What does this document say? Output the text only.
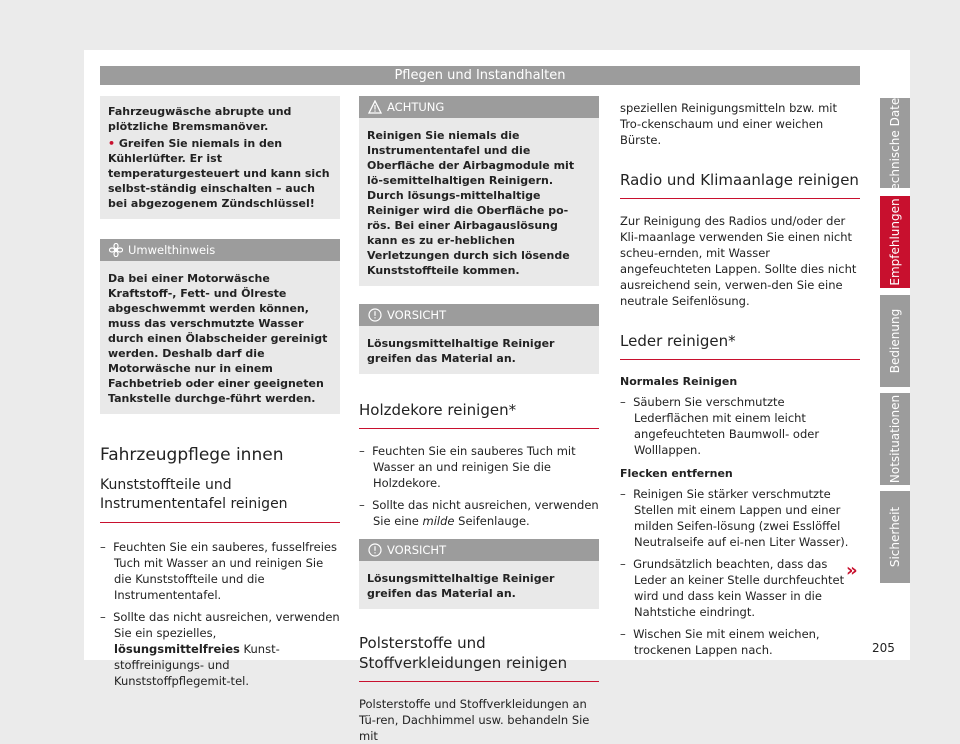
Pflegen und Instandhalten
Fahrzeugwäsche abrupte und plötzliche Bremsmanöver.
• Greifen Sie niemals in den Kühlerlüfter. Er ist temperaturgesteuert und kann sich selbst-ständig einschalten – auch bei abgezogenem Zündschlüssel!
Umwelthinweis
Da bei einer Motorwäsche Kraftstoff-, Fett- und Ölreste abgeschwemmt werden können, muss das verschmutzte Wasser durch einen Ölabscheider gereinigt werden. Deshalb darf die Motorwäsche nur in einem Fachbetrieb oder einer geeigneten Tankstelle durchge-führt werden.
Fahrzeugpflege innen
Kunststoffteile und Instrumententafel reinigen

– Feuchten Sie ein sauberes, fusselfreies Tuch mit Wasser an und reinigen Sie die Kunststoffteile und die Instrumententafel.

– Sollte das nicht ausreichen, verwenden Sie ein spezielles, lösungsmittelfreies Kunst-stoffreinigungs- und Kunststoffpflegemit-tel.

ACHTUNG
Reinigen Sie niemals die Instrumententafel und die Oberfläche der Airbagmodule mit lö-semittelhaltigen Reinigern. Durch lösungs-mittelhaltige Reiniger wird die Oberfläche po-rös. Bei einer Airbagauslösung kann es zu er-heblichen Verletzungen durch sich lösende Kunststoffteile kommen.
VORSICHT
Lösungsmittelhaltige Reiniger greifen das Material an.
Holzdekore reinigen*

– Feuchten Sie ein sauberes Tuch mit Wasser an und reinigen Sie die Holzdekore.

– Sollte das nicht ausreichen, verwenden Sie eine milde Seifenlauge.

VORSICHT
Lösungsmittelhaltige Reiniger greifen das Material an.
Polsterstoffe und Stoffverkleidungen reinigen

Polsterstoffe und Stoffverkleidungen an Tü-ren, Dachhimmel usw. behandeln Sie mit

speziellen Reinigungsmitteln bzw. mit Tro-ckenschaum und einer weichen Bürste.

Radio und Klimaanlage reinigen

Zur Reinigung des Radios und/oder der Kli-maanlage verwenden Sie einen nicht scheu-ernden, mit Wasser angefeuchteten Lappen. Sollte dies nicht ausreichend sein, verwen-den Sie eine neutrale Seifenlösung.

Leder reinigen*
Normales Reinigen

– Säubern Sie verschmutzte Lederflächen mit einem leicht angefeuchteten Baumwoll- oder Wolllappen.

Flecken entfernen

– Reinigen Sie stärker verschmutzte Stellen mit einem Lappen und einer milden Seifen-lösung (zwei Esslöffel Neutralseife auf ei-nen Liter Wasser).

– Grundsätzlich beachten, dass das Leder an keiner Stelle durchfeuchtet wird und dass kein Wasser in die Nahtstiche eindringt.

– Wischen Sie mit einem weichen, trockenen Lappen nach.

»
Technische Daten
Empfehlungen
Bedienung
Notsituationen
Sicherheit
205
